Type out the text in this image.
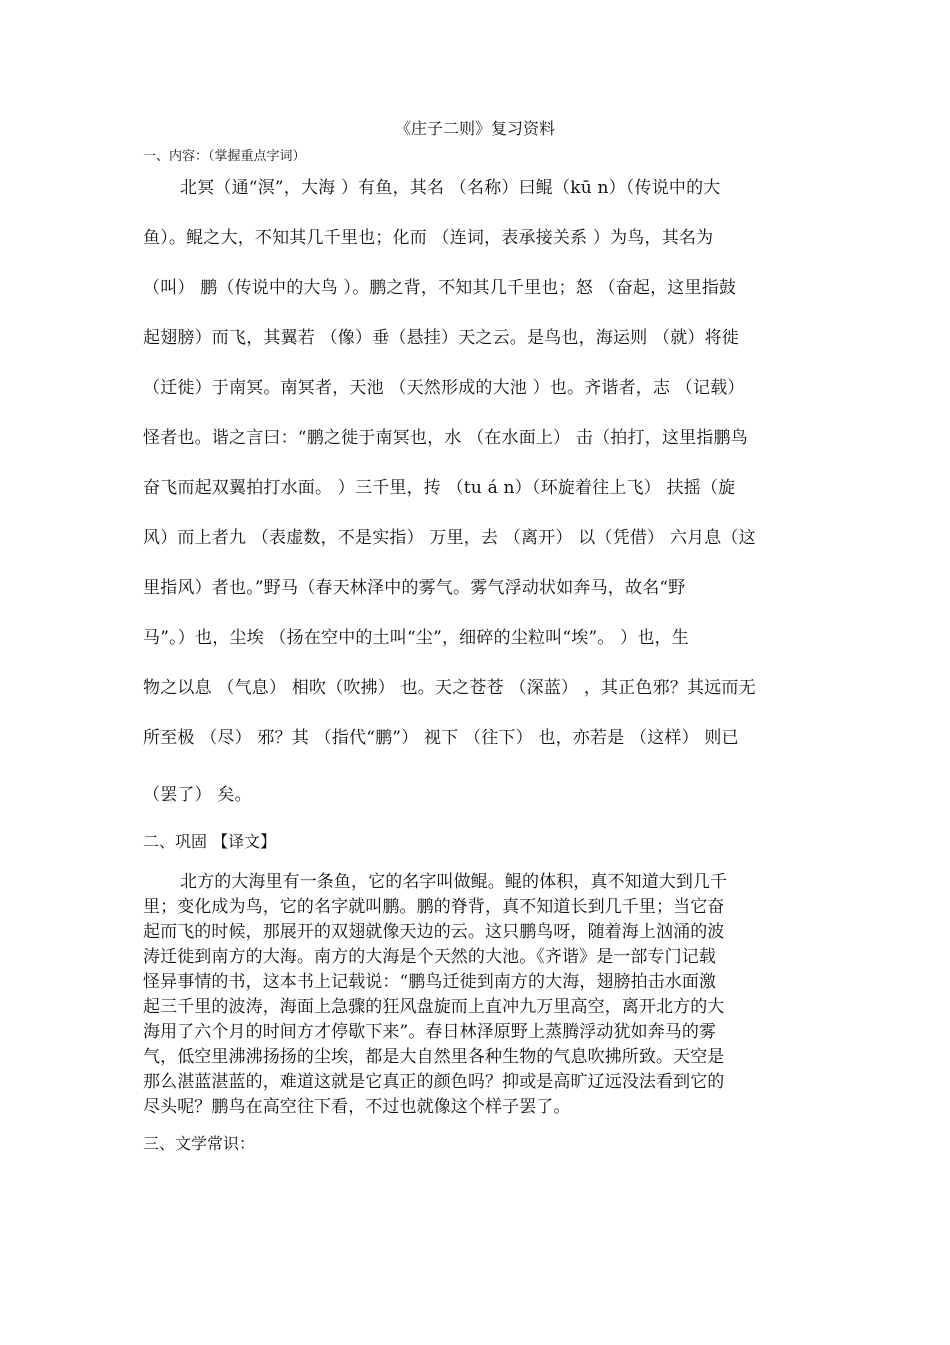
《庄子二则》复习资料
一、内容：（掌握重点字词）
北冥（通“溟”，大海 ）有鱼，其名 （名称）曰鲲（kū n）（传说中的大
鱼）。鲲之大，不知其几千里也；化而 （连词，表承接关系 ）为鸟，其名为
（叫） 鹏（传说中的大鸟 ）。鹏之背，不知其几千里也；怒 （奋起，这里指鼓
起翅膀）而飞，其翼若 （像）垂（悬挂）天之云。是鸟也，海运则 （就）将徙
（迁徙）于南冥。南冥者，天池 （天然形成的大池 ）也。齐谐者，志 （记载）
怪者也。谐之言曰：“鹏之徙于南冥也，水 （在水面上） 击（拍打，这里指鹏鸟
奋飞而起双翼拍打水面。 ）三千里，抟 （tu á n）（环旋着往上飞） 扶摇（旋
风）而上者九 （表虚数，不是实指） 万里，去 （离开） 以（凭借） 六月息（这
里指风）者也。”野马（春天林泽中的雾气。雾气浮动状如奔马，故名“野
马”。）也，尘埃 （扬在空中的土叫“尘”，细碎的尘粒叫“埃”。 ）也，生
物之以息 （气息） 相吹（吹拂） 也。天之苍苍 （深蓝） ，其正色邪？其远而无
所至极 （尽） 邪？其 （指代“鹏”） 视下 （往下） 也，亦若是 （这样） 则已
（罢了） 矣。
二、巩固 【译文】
北方的大海里有一条鱼，它的名字叫做鲲。鲲的体积，真不知道大到几千
里；变化成为鸟，它的名字就叫鹏。鹏的脊背，真不知道长到几千里；当它奋
起而飞的时候，那展开的双翅就像天边的云。这只鹏鸟呀，随着海上汹涌的波
涛迁徙到南方的大海。南方的大海是个天然的大池。《齐谐》是一部专门记载
怪异事情的书，这本书上记载说：“鹏鸟迁徙到南方的大海，翅膀拍击水面激
起三千里的波涛，海面上急骤的狂风盘旋而上直冲九万里高空，离开北方的大
海用了六个月的时间方才停歇下来”。春日林泽原野上蒸腾浮动犹如奔马的雾
气，低空里沸沸扬扬的尘埃，都是大自然里各种生物的气息吹拂所致。天空是
那么湛蓝湛蓝的，难道这就是它真正的颜色吗？抑或是高旷辽远没法看到它的
尽头呢？鹏鸟在高空往下看，不过也就像这个样子罢了。
三、文学常识：
